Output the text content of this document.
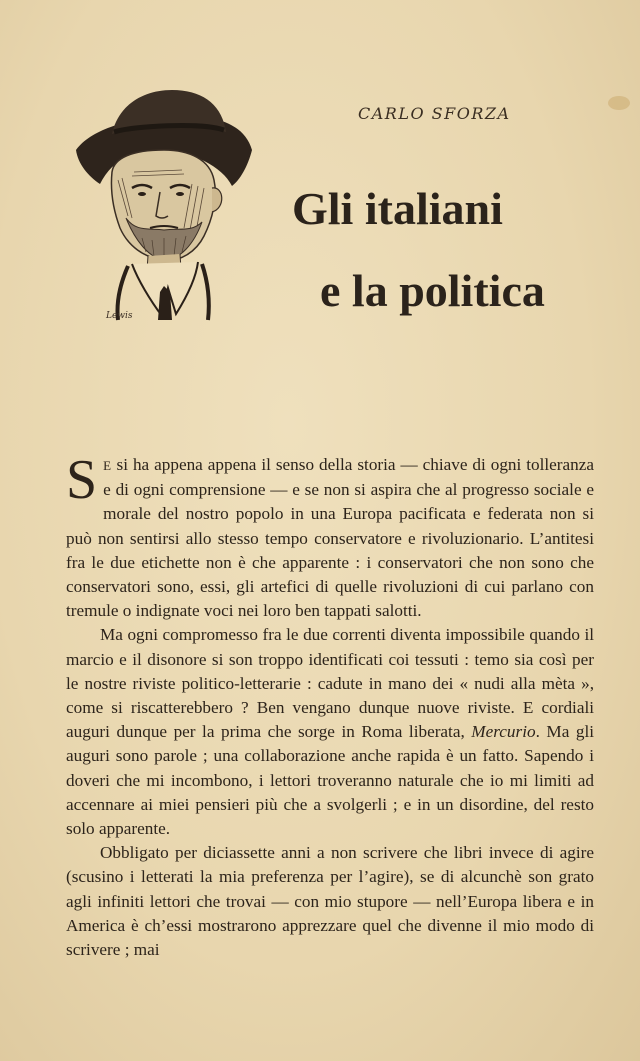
CARLO SFORZA
Lewis
Gli italiani
e la politica

S E si ha appena appena il senso della storia — chiave di ogni tolleranza e di ogni comprensione — e se non si aspira che al progresso sociale e morale del nostro popolo in una Europa pacificata e federata non si può non sentirsi allo stesso tempo conservatore e rivoluzionario. L’antitesi fra le due etichette non è che apparente : i conservatori che non sono che conservatori sono, essi, gli artefici di quelle rivoluzioni di cui parlano con tremule o indignate voci nei loro ben tappati salotti.

Ma ogni compromesso fra le due correnti diventa impossibile quando il marcio e il disonore si son troppo identificati coi tessuti : temo sia così per le nostre riviste politico-letterarie : cadute in mano dei « nudi alla mèta », come si riscatterebbero ? Ben vengano dunque nuove riviste. E cordiali auguri dunque per la prima che sorge in Roma liberata, Mercurio. Ma gli auguri sono parole ; una collaborazione anche rapida è un fatto. Sapendo i doveri che mi incombono, i lettori troveranno naturale che io mi limiti ad accennare ai miei pensieri più che a svolgerli ; e in un disordine, del resto solo apparente.

Obbligato per diciassette anni a non scrivere che libri invece di agire (scusino i letterati la mia preferenza per l’agire), se di alcunchè son grato agli infiniti lettori che trovai — con mio stupore — nell’Europa libera e in America è ch’essi mostrarono apprezzare quel che divenne il mio modo di scrivere ; mai
